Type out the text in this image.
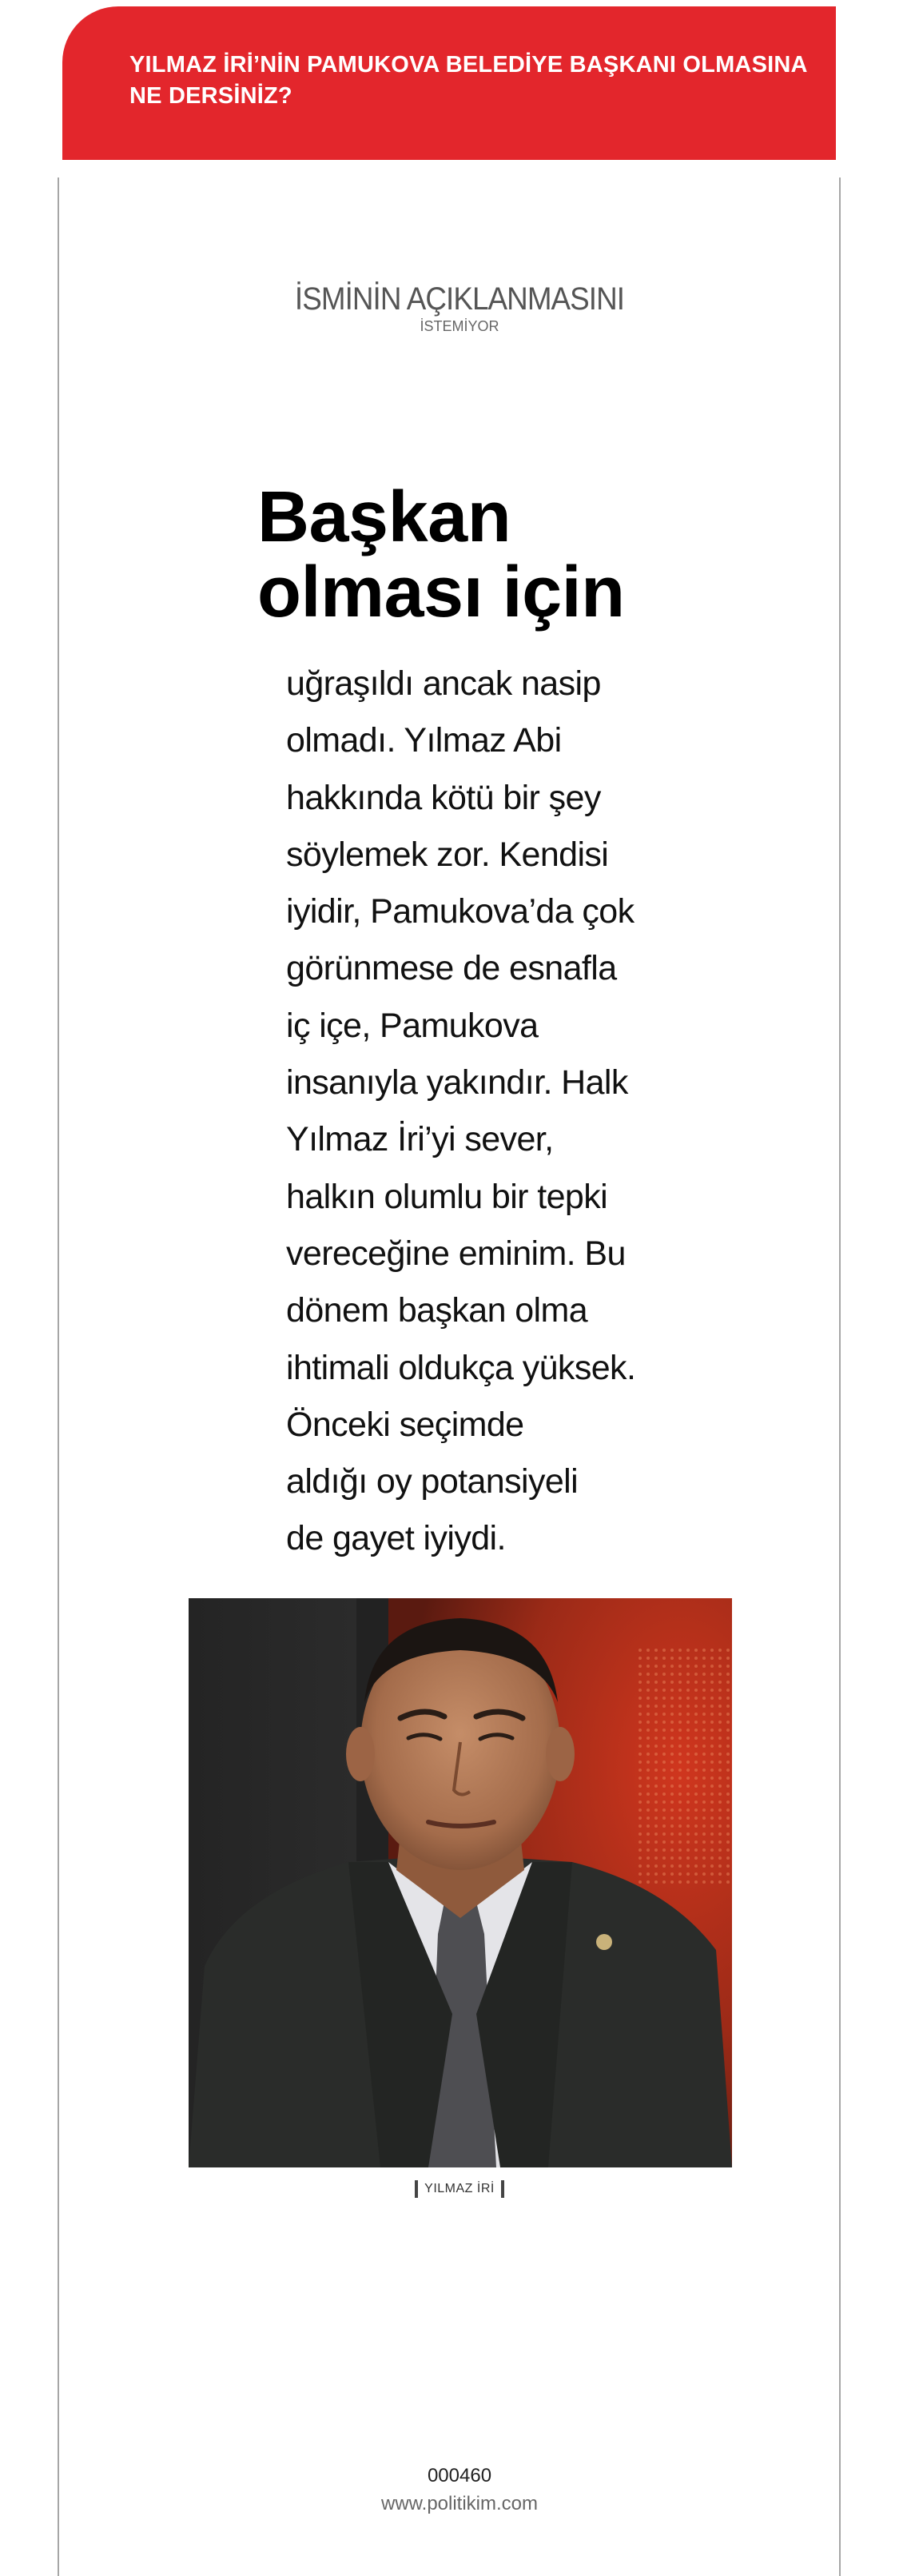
YILMAZ İRİ’NİN PAMUKOVA BELEDİYE BAŞKANI OLMASINA NE DERSİNİZ?
İSMİNİN AÇIKLANMASINI
İSTEMİYOR
Başkan
olması için

uğraşıldı ancak nasip
olmadı. Yılmaz Abi
hakkında kötü bir şey
söylemek zor. Kendisi
iyidir, Pamukova’da çok
görünmese de esnafla
iç içe, Pamukova
insanıyla yakındır. Halk
Yılmaz İri’yi sever,
halkın olumlu bir tepki
vereceğine eminim. Bu
dönem başkan olma
ihtimali oldukça yüksek.
Önceki seçimde
aldığı oy potansiyeli
de gayet iyiydi.

YILMAZ İRİ
000460
www.politikim.com
